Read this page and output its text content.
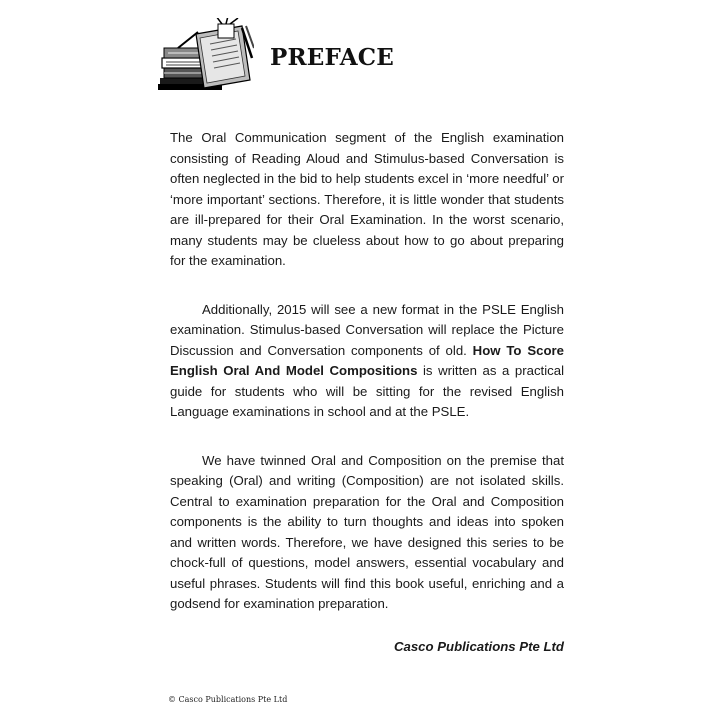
PREFACE

The Oral Communication segment of the English examination consisting of Reading Aloud and Stimulus-based Conversation is often neglected in the bid to help students excel in ‘more needful’ or ‘more important’ sections. Therefore, it is little wonder that students are ill-prepared for their Oral Examination. In the worst scenario, many students may be clueless about how to go about preparing for the examination.

Additionally, 2015 will see a new format in the PSLE English examination. Stimulus-based Conversation will replace the Picture Discussion and Conversation components of old. How To Score English Oral And Model Compositions is written as a practical guide for students who will be sitting for the revised English Language examinations in school and at the PSLE.

We have twinned Oral and Composition on the premise that speaking (Oral) and writing (Composition) are not isolated skills. Central to examination preparation for the Oral and Composition components is the ability to turn thoughts and ideas into spoken and written words. Therefore, we have designed this series to be chock-full of questions, model answers, essential vocabulary and useful phrases. Students will find this book useful, enriching and a godsend for examination preparation.

Casco Publications Pte Ltd

© Casco Publications Pte Ltd
